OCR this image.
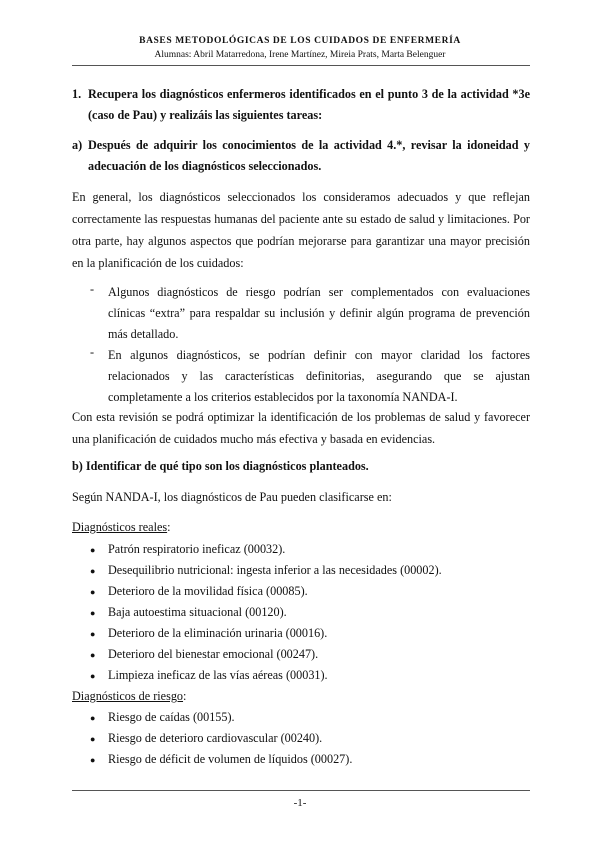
BASES METODOLÓGICAS DE LOS CUIDADOS DE ENFERMERÍA
Alumnas: Abril Matarredona, Irene Martínez, Mireia Prats, Marta Belenguer
1. Recupera los diagnósticos enfermeros identificados en el punto 3 de la actividad *3e (caso de Pau) y realizáis las siguientes tareas:
a) Después de adquirir los conocimientos de la actividad 4.*, revisar la idoneidad y adecuación de los diagnósticos seleccionados.
En general, los diagnósticos seleccionados los consideramos adecuados y que reflejan correctamente las respuestas humanas del paciente ante su estado de salud y limitaciones. Por otra parte, hay algunos aspectos que podrían mejorarse para garantizar una mayor precisión en la planificación de los cuidados:
- Algunos diagnósticos de riesgo podrían ser complementados con evaluaciones clínicas “extra” para respaldar su inclusión y definir algún programa de prevención más detallado.
- En algunos diagnósticos, se podrían definir con mayor claridad los factores relacionados y las características definitorias, asegurando que se ajustan completamente a los criterios establecidos por la taxonomía NANDA-I.
Con esta revisión se podrá optimizar la identificación de los problemas de salud y favorecer una planificación de cuidados mucho más efectiva y basada en evidencias.
b) Identificar de qué tipo son los diagnósticos planteados.
Según NANDA-I, los diagnósticos de Pau pueden clasificarse en:
Diagnósticos reales:
● Patrón respiratorio ineficaz (00032).
● Desequilibrio nutricional: ingesta inferior a las necesidades (00002).
● Deterioro de la movilidad física (00085).
● Baja autoestima situacional (00120).
● Deterioro de la eliminación urinaria (00016).
● Deterioro del bienestar emocional (00247).
● Limpieza ineficaz de las vías aéreas (00031).
Diagnósticos de riesgo:
● Riesgo de caídas (00155).
● Riesgo de deterioro cardiovascular (00240).
● Riesgo de déficit de volumen de líquidos (00027).
-1-
